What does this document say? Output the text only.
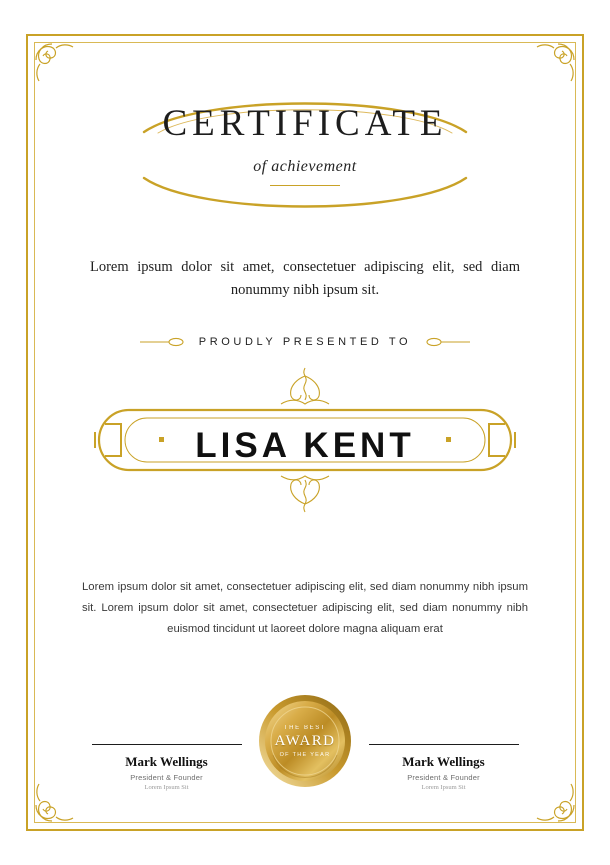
CERTIFICATE
of achievement
Lorem ipsum dolor sit amet, consectetuer adipiscing elit, sed diam nonummy nibh ipsum sit.
PROUDLY PRESENTED TO
LISA KENT
Lorem ipsum dolor sit amet, consectetuer adipiscing elit, sed diam nonummy nibh ipsum sit. Lorem ipsum dolor sit amet, consectetuer adipiscing elit, sed diam nonummy nibh euismod tincidunt ut laoreet dolore magna aliquam erat
Mark Wellings
President & Founder
Lorem Ipsum Sit
THE BEST
AWARD
OF THE YEAR	Mark Wellings
President & Founder
Lorem Ipsum Sit
